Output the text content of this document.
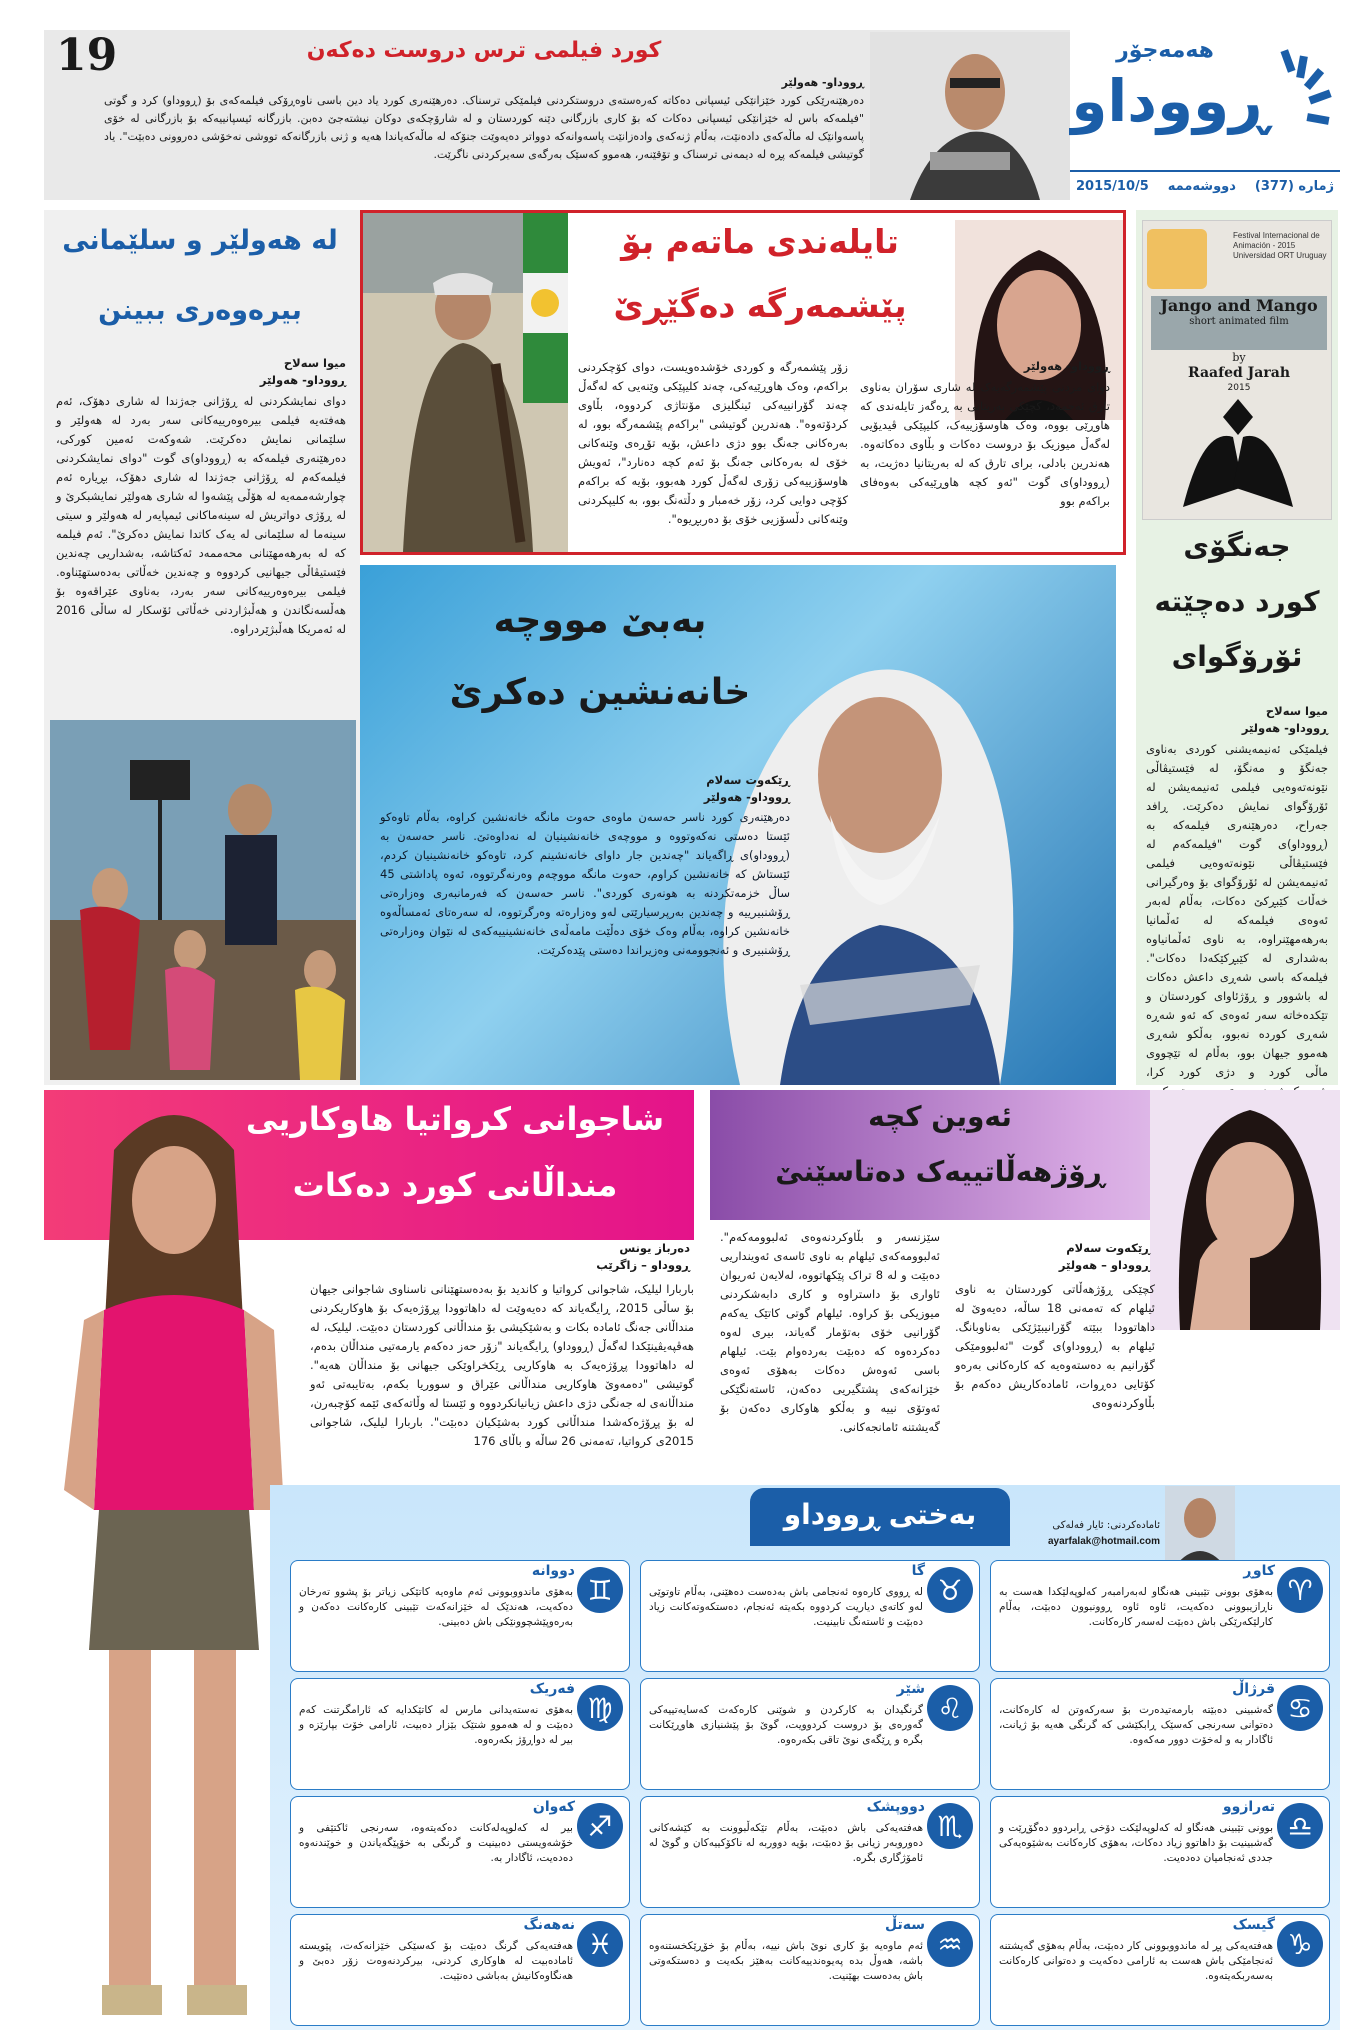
19	کورد فیلمی ترس دروست دەکەن
ڕووداو- هەولێر
دەرهێنەرێکی کورد خێزانێکی ئیسپانی دەکاتە کەرەستەی دروستکردنی فیلمێکی ترسناک. دەرهێنەری کورد یاد دین باسی ناوەڕۆکی فیلمەکەی بۆ (ڕووداو) کرد و گوتی "فیلمەکە باس لە خێزانێکی ئیسپانی دەکات کە بۆ کاری بازرگانی دێنە کوردستان و لە شارۆچکەی دوکان نیشتەجێ دەبن. بازرگانە ئیسپانییەکە بۆ بازرگانی لە خۆی پاسەوانێک لە ماڵەکەی دادەنێت، بەڵام ژنەکەی وادەزانێت پاسەوانەکە دوواتر دەیەوێت جنۆکە لە ماڵەکەیاندا هەیە و ژنی بازرگانەکە تووشی نەخۆشی دەروونی دەبێت". یاد گوتیشی فیلمەکە پڕە لە دیمەنی ترسناک و تۆقێنەر، هەموو کەسێک بەرگەی سەیرکردنی ناگرێت.
هەمەجۆر
ڕووداو
ژمارە (377)
دووشەممە
2015/10/5
لە هەولێر و سلێمانی
بیرەوەری ببینن
میوا سەلاح
ڕووداو- هەولێر
دوای نمایشکردنی لە ڕۆژانی جەژندا لە شاری دهۆک، ئەم هەفتەیە فیلمی بیرەوەرییەکانی سەر بەرد لە هەولێر و سلێمانی نمایش دەکرێت. شەوکەت ئەمین کورکی، دەرهێنەری فیلمەکە بە (ڕووداو)ی گوت "دوای نمایشکردنی فیلمەکەم لە ڕۆژانی جەژندا لە شاری دهۆک، بڕیارە ئەم چوارشەممەیە لە هۆڵی پێشەوا لە شاری هەولێر نمایشبکرێ و لە ڕۆژی دواتریش لە سینەماکانی ئیمپایەر لە هەولێر و سیتی سینەما لە سلێمانی لە یەک کاتدا نمایش دەکرێ". ئەم فیلمە کە لە بەرهەمهێنانی محەممەد ئەکتاشە، بەشداریی چەندین فێستیڤاڵی جیهانیی کردووە و چەندین خەڵاتی بەدەستهێناوە. فیلمی بیرەوەرییەکانی سەر بەرد، بەناوی عێراقەوە بۆ هەڵسەنگاندن و هەڵبژاردنی خەڵاتی ئۆسکار لە ساڵی 2016 لە ئەمریکا هەڵبژێردراوە.
تایلەندی ماتەم بۆ
پێشمەرگە دەگێڕێ
ڕووداو- هەولێر
دوای مردنی پێشمەرگەیەک لە شاری سۆران بەناوی تارق ئەحمەد، کچێکی بەریتانی بە ڕەگەز تایلەندی کە هاوڕێی بووە، وەک هاوسۆزییەک، کلیپێکی ڤیدیۆیی لەگەڵ میوزیک بۆ دروست دەکات و بڵاوی دەکاتەوە. هەندرین بادلی، برای تارق کە لە بەریتانیا دەژیت، بە (ڕووداو)ی گوت "ئەو کچە هاوڕێیەکی بەوەفای براکەم بوو
زۆر پێشمەرگە و کوردی خۆشدەویست، دوای کۆچکردنی براکەم، وەک هاوڕێیەکی، چەند کلیپێکی وێنەیی کە لەگەڵ چەند گۆرانییەکی ئینگلیزی مۆنتاژی کردووە، بڵاوی کردۆتەوە". هەندرین گوتیشی "براکەم پێشمەرگە بوو، لە بەرەکانی جەنگ بوو دژی داعش، بۆیە تۆڕەی وێنەکانی خۆی لە بەرەکانی جەنگ بۆ ئەم کچە دەنارد"، ئەویش هاوسۆزییەکی زۆری لەگەڵ کورد هەبوو، بۆیە کە براکەم کۆچی دوایی کرد، زۆر خەمبار و دڵتەنگ بوو، بە کلیپکردنی وێنەکانی دڵسۆزیی خۆی بۆ دەربڕیوە".
بەبێ مووچە
خانەنشین دەکرێ
ڕێکەوت سەلام
ڕووداو- هەولێر
دەرهێنەری کورد ناسر حەسەن ماوەی حەوت مانگە خانەنشین کراوە، بەڵام تاوەکو ئێستا دەستی نەکەوتووە و مووچەی خانەنشینیان لە نەداوەتێ. ناسر حەسەن بە (ڕووداو)ی ڕاگەیاند "چەندین جار داوای خانەنشینم کرد، تاوەکو خانەنشینیان کردم، ئێستاش کە خانەنشین کراوم، حەوت مانگە مووچەم وەرنەگرتووە، ئەوە پاداشتی 45 ساڵ خزمەتکردنە بە هونەری کوردی". ناسر حەسەن کە فەرمانبەری وەزارەتی ڕۆشنبیرییە و چەندین بەرپرسیارێتی لەو وەزارەتە وەرگرتووە، لە سەرەتای ئەمساڵەوە خانەنشین کراوە، بەڵام وەک خۆی دەڵێت مامەڵەی خانەنشینییەکەی لە نێوان وەزارەتی ڕۆشنبیری و ئەنجوومەنی وەزیراندا دەستی پێدەکرێت.
Festival Internacional de Animación - 2015 Universidad ORT Uruguay
Jango and Mango
short animated film
by
Raafed Jarah
2015
جەنگۆی
کورد دەچێتە
ئۆرۆگوای
میوا سەلاح
ڕووداو- هەولێر
فیلمێکی ئەنیمەیشنی کوردی بەناوی جەنگۆ و مەنگۆ، لە فێستیڤاڵی نێونەتەوەیی فیلمی ئەنیمەیشن لە ئۆرۆگوای نمایش دەکرێت. ڕافد جەراح، دەرهێنەری فیلمەکە بە (ڕووداو)ی گوت "فیلمەکەم لە فێستیڤاڵی نێونەتەوەیی فیلمی ئەنیمەیشن لە ئۆرۆگوای بۆ وەرگیرانی خەڵات کێبڕکێ دەکات، بەڵام لەبەر ئەوەی فیلمەکە لە ئەڵمانیا بەرهەمهێنراوە، بە ناوی ئەڵمانیاوە بەشداری لە کێبڕکێکەدا دەکات". فیلمەکە باسی شەڕی داعش دەکات لە باشوور و ڕۆژئاوای کوردستان و تێکدەخاتە سەر ئەوەی کە ئەو شەڕە شەڕی کوردە نەبوو، بەڵکو شەڕی هەموو جیهان بوو، بەڵام لە تێچووی ماڵی کورد و دژی کورد کرا،
شاجوانی کرواتیا هاوکاریی
منداڵانی کورد دەکات
دەرباز یونس
ڕووداو – زاگرێب
باربارا لیلیک، شاجوانی کرواتیا و کاندید بۆ بەدەستهێنانی ناسناوی شاجوانی جیهان بۆ ساڵی 2015، ڕایگەیاند کە دەیەوێت لە داهاتوودا پڕۆژەیەک بۆ هاوکاریکردنی منداڵانی جەنگ ئامادە بکات و بەشێکیشی بۆ منداڵانی کوردستان دەبێت. لیلیک، لە هەڤپەیڤینێکدا لەگەڵ (ڕووداو) ڕایگەیاند "زۆر حەز دەکەم یارمەتیی منداڵان بدەم، لە داهاتوودا پڕۆژەیەک بە هاوکاریی ڕێکخراوێکی جیهانی بۆ منداڵان هەیە". گوتیشی "دەمەوێ هاوکاریی منداڵانی عێراق و سووریا بکەم، بەتایبەتی ئەو منداڵانەی لە جەنگی دژی داعش زیانیانکردووە و ئێستا لە وڵاتەکەی ئێمە کۆچبەرن، لە بۆ پڕۆژەکەشدا منداڵانی کورد بەشێکیان دەبێت". باربارا لیلیک، شاجوانی 2015ی کرواتیا، تەمەنی 26 ساڵە و باڵای 176
ئەوین کچە
ڕۆژهەڵاتییەک دەتاسێنێ
ڕێکەوت سەلام
ڕووداو – هەولێر
کچێکی ڕۆژهەڵاتی کوردستان بە ناوی ئیلهام کە تەمەنی 18 ساڵە، دەیەوێ لە داهاتوودا ببێتە گۆرانیبێژێکی بەناوبانگ. ئیلهام بە (ڕووداو)ی گوت "ئەلبوومێکی گۆرانیم بە دەستەوەیە کە کارەکانی بەرەو کۆتایی دەڕوات، ئامادەکاریش دەکەم بۆ بڵاوکردنەوەی
سێزنسەر و بڵاوکردنەوەی ئەلبوومەکەم". ئەلبوومەکەی ئیلهام بە ناوی ئاسەی ئەوینداریی دەبێت و لە 8 تراک پێکهاتووە، لەلایەن ئەریوان ئاواری بۆ داستراوە و کاری دابەشکردنی میوزیکی بۆ کراوە. ئیلهام گوتی کاتێک یەکەم گۆرانیی خۆی بەتۆمار گەیاند، بیری لەوە دەکردەوە کە دەبێت بەردەوام بێت. ئیلهام باسی ئەوەش دەکات بەهۆی ئەوەی خێزانەکەی پشتگیریی دەکەن، ئاستەنگێکی ئەوتۆی نییە و بەڵکو هاوکاری دەکەن بۆ گەیشتنە ئامانجەکانی.
بەختی ڕووداو	ئامادەکردنی: ئایار فەلەکی
ayarfalak@hotmail.com
♈
کاوڕ
بەهۆی بوونی تێبینی هەنگاو لەبەرامبەر کەلوپەلێکدا هەست بە ناڕازیبوونی دەکەیت، ئاوە ئاوە ڕوونبوون دەبێت، بەڵام کارلێکەرێکی باش دەبێت لەسەر کارەکانت.
♉
گا
لە ڕووی کارەوە ئەنجامی باش بەدەست دەهێنی، بەڵام تاوتوێی لەو کاتەی دیاریت کردووە بکەیتە ئەنجام، دەستکەوتەکانت زیاد دەبێت و ئاستەنگ نابینیت.
♊
دووانە
بەهۆی ماندووبوونی ئەم ماوەیە کاتێکی زیاتر بۆ پشوو تەرخان دەکەیت، هەندێک لە خێزانەکەت تێبینی کارەکانت دەکەن و بەرەوپێشچوونێکی باش دەبینی.
♋
قرژاڵ
گەشبینی دەبێتە بارمەتیدەرت بۆ سەرکەوتن لە کارەکانت، دەتوانی سەرنجی کەسێک ڕابکێشی کە گرنگی هەیە بۆ ژیانت، ئاگادار بە و لەخۆت دوور مەکەوە.
♌
شێر
گرنگیدان بە کارکردن و شوێنی کارەکەت کەسایەتییەکی گەورەی بۆ دروست کردوویت، گوێ بۆ پێشنیازی هاوڕێکانت بگرە و ڕێگەی نوێ تاقی بکەرەوە.
♍
فەریک
بەهۆی نەستەیدانی مارس لە کاتێکدایە کە ئارامگرتنت کەم دەبێت و لە هەموو شتێک بێزار دەبیت، ئارامی خۆت بپارێزە و بیر لە دواڕۆژ بکەرەوە.
♎
تەرازوو
بوونی تێبینی هەنگاو لە کەلوپەلێکت دۆخی ڕابردوو دەگۆڕێت و گەشبینیت بۆ داهاتوو زیاد دەکات، بەهۆی کارەکانت بەشێوەیەکی جددی ئەنجامیان دەدەیت.
♏
دووپشک
هەفتەیەکی باش دەبێت، بەڵام تێکەڵبوونت بە کێشەکانی دەوروبەر زیانی بۆ دەبێت، بۆیە دووربە لە ناکۆکییەکان و گوێ لە ئامۆژگاری بگرە.
♐
کەوان
بیر لە کەلوپەلەکانت دەکەیتەوە، سەرنجی ئاکتێفی و خۆشەویستی دەبینیت و گرنگی بە خۆپێگەیاندن و خوێندنەوە دەدەیت، ئاگادار بە.
♑
گیسک
هەفتەیەکی پڕ لە ماندووبوونی کار دەبێت، بەڵام بەهۆی گەیشتنە ئەنجامێکی باش هەست بە ئارامی دەکەیت و دەتوانی کارەکانت بەسەربکەیتەوە.
♒
سەتڵ
ئەم ماوەیە بۆ کاری نوێ باش نییە، بەڵام بۆ خۆڕێکخستنەوە باشە، هەوڵ بدە پەیوەندییەکانت بەهێز بکەیت و دەستکەوتی باش بەدەست بهێنیت.
♓
نەهەنگ
هەفتەیەکی گرنگ دەبێت بۆ کەسێکی خێزانەکەت، پێویستە ئامادەبیت لە هاوکاری کردنی، بیرکردنەوەت زۆر دەبێ و هەنگاوەکانیش بەباشی دەنێیت.
